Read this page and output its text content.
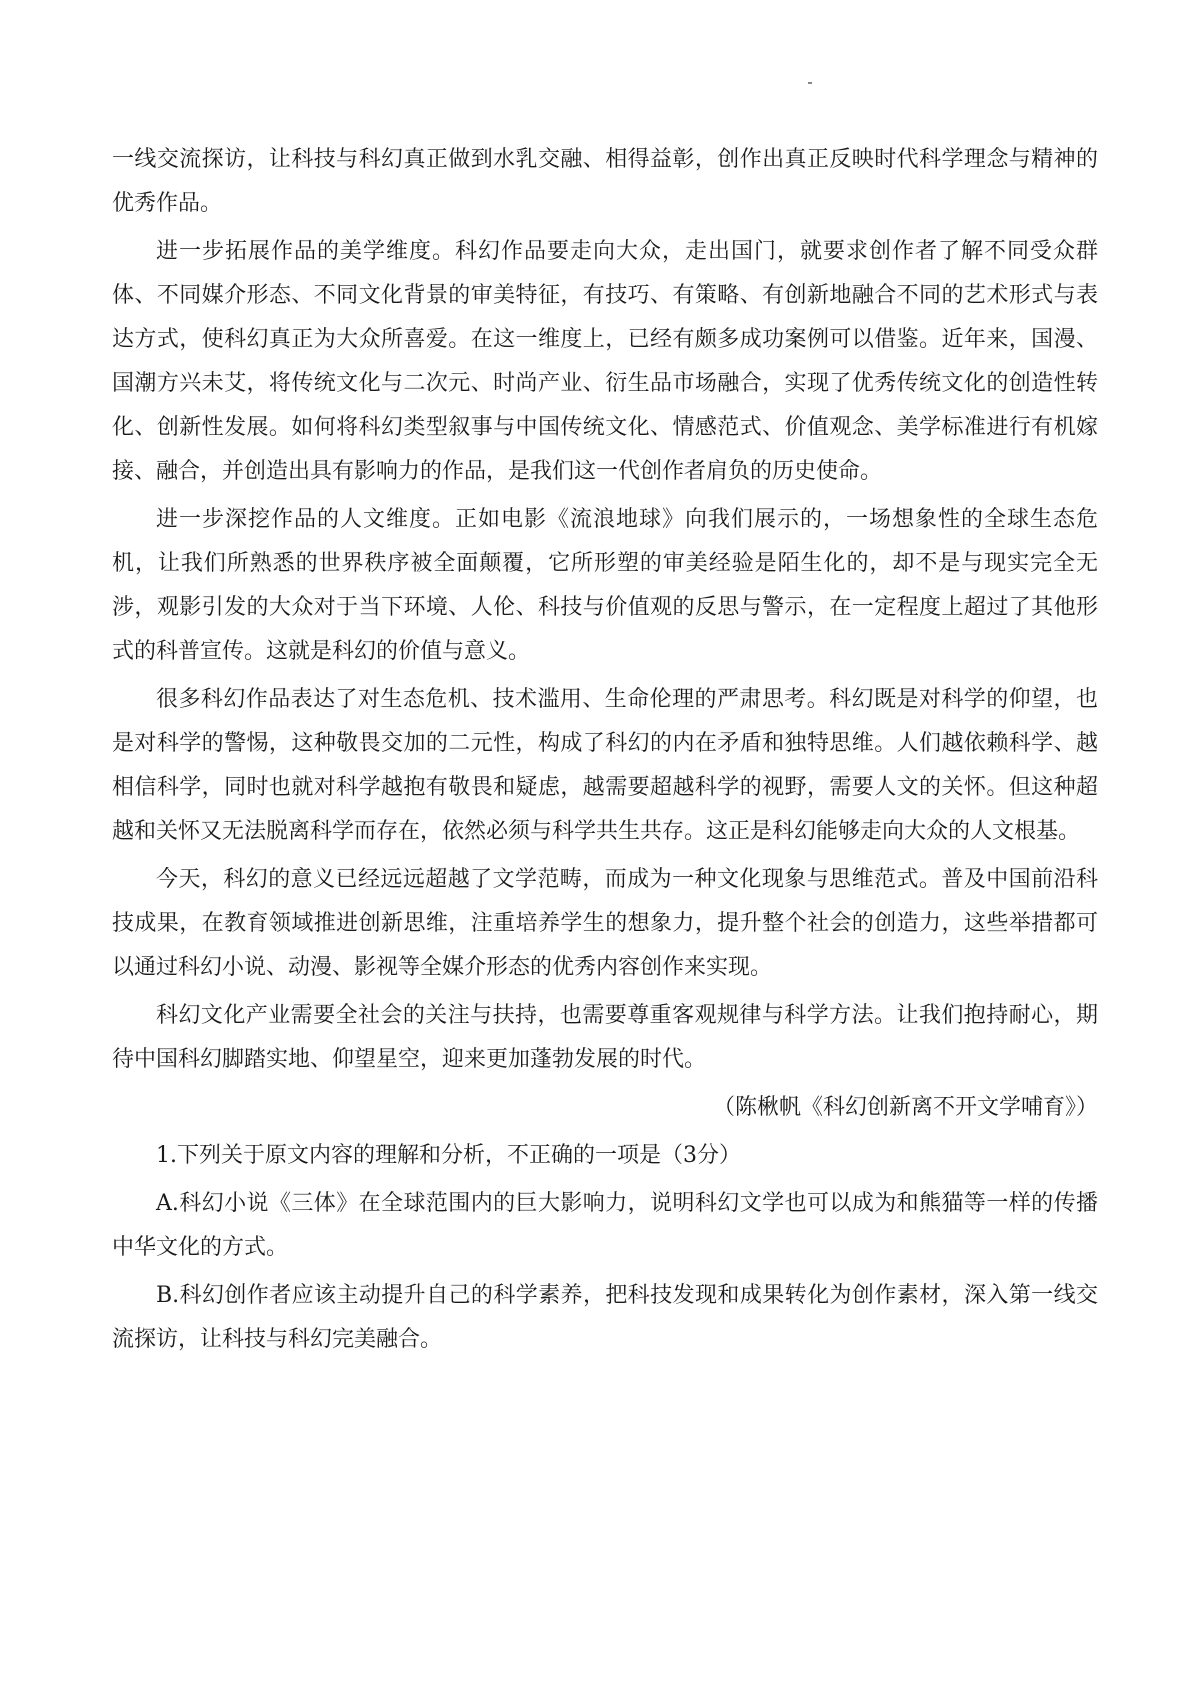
一线交流探访，让科技与科幻真正做到水乳交融、相得益彰，创作出真正反映时代科学理念与精神的优秀作品。

进一步拓展作品的美学维度。科幻作品要走向大众，走出国门，就要求创作者了解不同受众群体、不同媒介形态、不同文化背景的审美特征，有技巧、有策略、有创新地融合不同的艺术形式与表达方式，使科幻真正为大众所喜爱。在这一维度上，已经有颇多成功案例可以借鉴。近年来，国漫、国潮方兴未艾，将传统文化与二次元、时尚产业、衍生品市场融合，实现了优秀传统文化的创造性转化、创新性发展。如何将科幻类型叙事与中国传统文化、情感范式、价值观念、美学标准进行有机嫁接、融合，并创造出具有影响力的作品，是我们这一代创作者肩负的历史使命。

进一步深挖作品的人文维度。正如电影《流浪地球》向我们展示的，一场想象性的全球生态危机，让我们所熟悉的世界秩序被全面颠覆，它所形塑的审美经验是陌生化的，却不是与现实完全无涉，观影引发的大众对于当下环境、人伦、科技与价值观的反思与警示，在一定程度上超过了其他形式的科普宣传。这就是科幻的价值与意义。

很多科幻作品表达了对生态危机、技术滥用、生命伦理的严肃思考。科幻既是对科学的仰望，也是对科学的警惕，这种敬畏交加的二元性，构成了科幻的内在矛盾和独特思维。人们越依赖科学、越相信科学，同时也就对科学越抱有敬畏和疑虑，越需要超越科学的视野，需要人文的关怀。但这种超越和关怀又无法脱离科学而存在，依然必须与科学共生共存。这正是科幻能够走向大众的人文根基。

今天，科幻的意义已经远远超越了文学范畴，而成为一种文化现象与思维范式。普及中国前沿科技成果，在教育领域推进创新思维，注重培养学生的想象力，提升整个社会的创造力，这些举措都可以通过科幻小说、动漫、影视等全媒介形态的优秀内容创作来实现。

科幻文化产业需要全社会的关注与扶持，也需要尊重客观规律与科学方法。让我们抱持耐心，期待中国科幻脚踏实地、仰望星空，迎来更加蓬勃发展的时代。

（陈楸帆《科幻创新离不开文学哺育》）

1.下列关于原文内容的理解和分析，不正确的一项是（3分）

A.科幻小说《三体》在全球范围内的巨大影响力，说明科幻文学也可以成为和熊猫等一样的传播中华文化的方式。

B.科幻创作者应该主动提升自己的科学素养，把科技发现和成果转化为创作素材，深入第一线交流探访，让科技与科幻完美融合。
